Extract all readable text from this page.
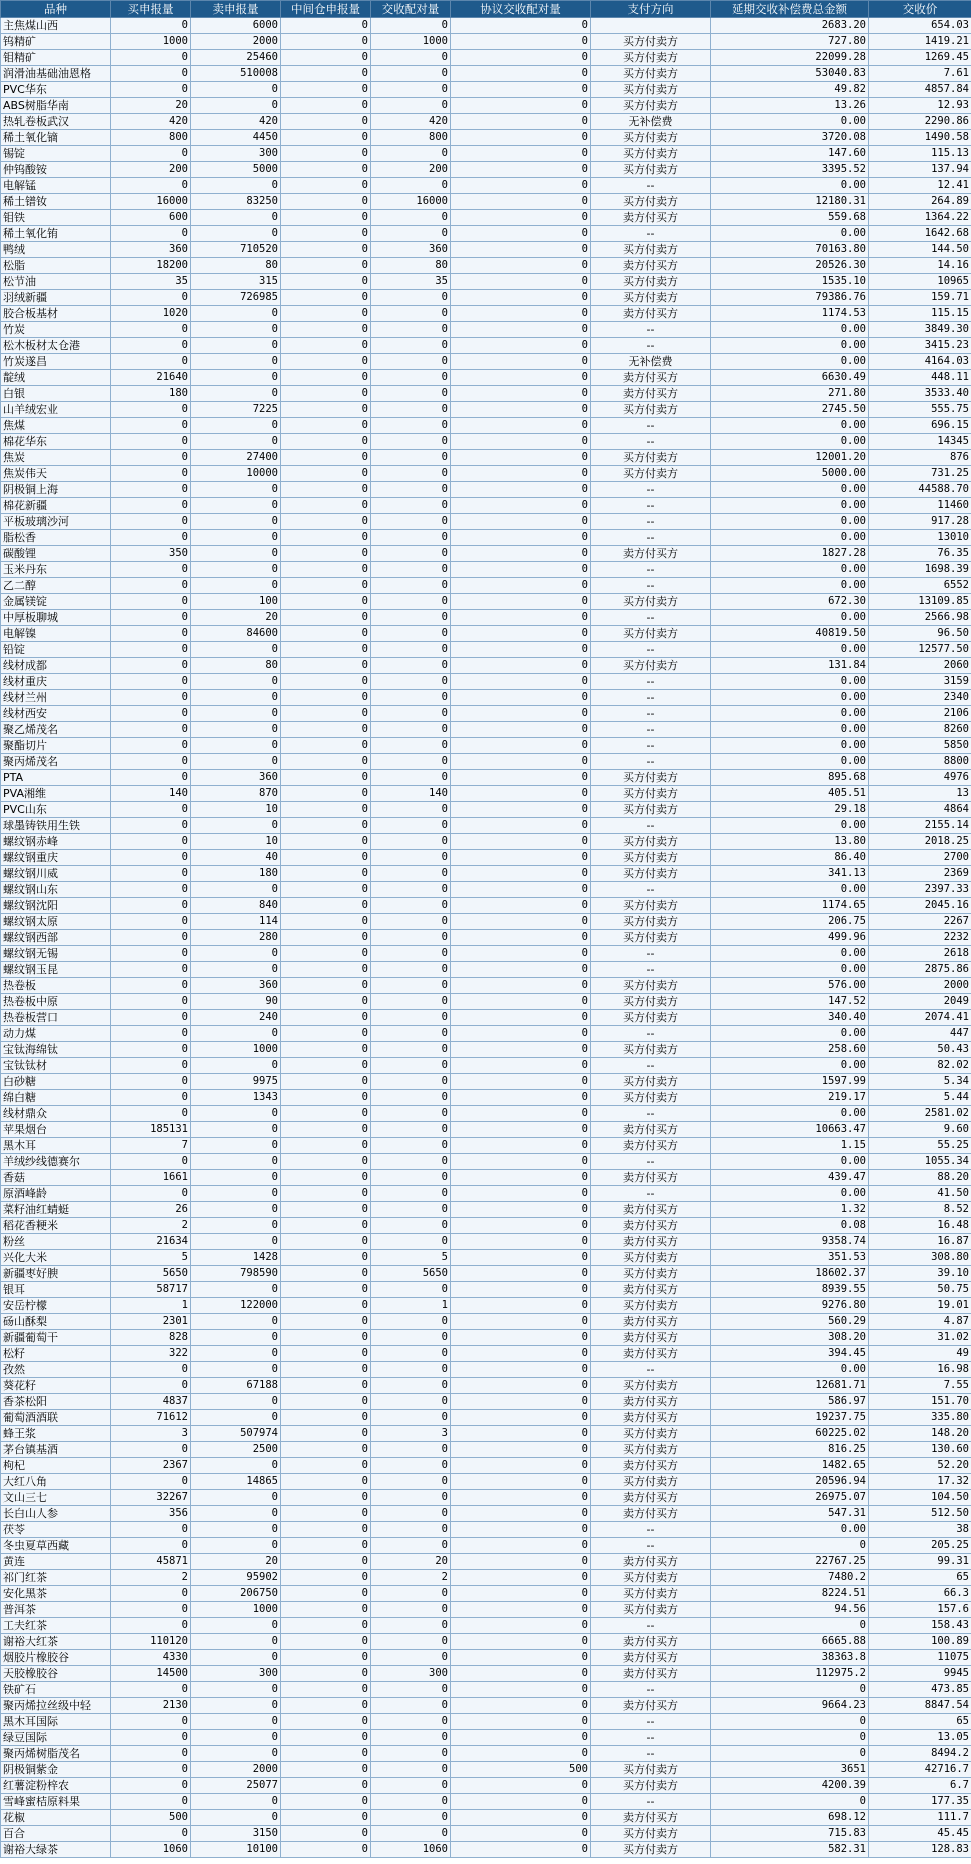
品种	买申报量	卖申报量	中间仓申报量	交收配对量	协议交收配对量	支付方向	延期交收补偿费总金额	交收价
主焦煤山西	0	6000	0	0	0		2683.20	654.03
钨精矿	1000	2000	0	1000	0	买方付卖方	727.80	1419.21
钼精矿	0	25460	0	0	0	买方付卖方	22099.28	1269.45
润滑油基础油恩格	0	510008	0	0	0	买方付卖方	53040.83	7.61
PVC华东	0	0	0	0	0	买方付卖方	49.82	4857.84
ABS树脂华南	20	0	0	0	0	买方付卖方	13.26	12.93
热轧卷板武汉	420	420	0	420	0	无补偿费	0.00	2290.86
稀土氧化镝	800	4450	0	800	0	买方付卖方	3720.08	1490.58
锡锭	0	300	0	0	0	买方付卖方	147.60	115.13
仲钨酸铵	200	5000	0	200	0	买方付卖方	3395.52	137.94
电解锰	0	0	0	0	0	--	0.00	12.41
稀土镨钕	16000	83250	0	16000	0	买方付卖方	12180.31	264.89
钼铁	600	0	0	0	0	卖方付买方	559.68	1364.22
稀土氧化铕	0	0	0	0	0	--	0.00	1642.68
鸭绒	360	710520	0	360	0	买方付卖方	70163.80	144.50
松脂	18200	80	0	80	0	卖方付买方	20526.30	14.16
松节油	35	315	0	35	0	买方付卖方	1535.10	10965
羽绒新疆	0	726985	0	0	0	买方付卖方	79386.76	159.71
胶合板基材	1020	0	0	0	0	卖方付买方	1174.53	115.15
竹炭	0	0	0	0	0	--	0.00	3849.30
松木板材太仓港	0	0	0	0	0	--	0.00	3415.23
竹炭遂昌	0	0	0	0	0	无补偿费	0.00	4164.03
靛绒	21640	0	0	0	0	卖方付买方	6630.49	448.11
白银	180	0	0	0	0	卖方付买方	271.80	3533.40
山羊绒宏业	0	7225	0	0	0	买方付卖方	2745.50	555.75
焦煤	0	0	0	0	0	--	0.00	696.15
棉花华东	0	0	0	0	0	--	0.00	14345
焦炭	0	27400	0	0	0	买方付卖方	12001.20	876
焦炭伟天	0	10000	0	0	0	买方付卖方	5000.00	731.25
阴极铜上海	0	0	0	0	0	--	0.00	44588.70
棉花新疆	0	0	0	0	0	--	0.00	11460
平板玻璃沙河	0	0	0	0	0	--	0.00	917.28
脂松香	0	0	0	0	0	--	0.00	13010
碳酸锂	350	0	0	0	0	卖方付买方	1827.28	76.35
玉米丹东	0	0	0	0	0	--	0.00	1698.39
乙二醇	0	0	0	0	0	--	0.00	6552
金属镁锭	0	100	0	0	0	买方付卖方	672.30	13109.85
中厚板聊城	0	20	0	0	0	--	0.00	2566.98
电解镍	0	84600	0	0	0	买方付卖方	40819.50	96.50
铅锭	0	0	0	0	0	--	0.00	12577.50
线材成都	0	80	0	0	0	买方付卖方	131.84	2060
线材重庆	0	0	0	0	0	--	0.00	3159
线材兰州	0	0	0	0	0	--	0.00	2340
线材西安	0	0	0	0	0	--	0.00	2106
聚乙烯茂名	0	0	0	0	0	--	0.00	8260
聚酯切片	0	0	0	0	0	--	0.00	5850
聚丙烯茂名	0	0	0	0	0	--	0.00	8800
PTA	0	360	0	0	0	买方付卖方	895.68	4976
PVA湘维	140	870	0	140	0	买方付卖方	405.51	13
PVC山东	0	10	0	0	0	买方付卖方	29.18	4864
球墨铸铁用生铁	0	0	0	0	0	--	0.00	2155.14
螺纹钢赤峰	0	10	0	0	0	买方付卖方	13.80	2018.25
螺纹钢重庆	0	40	0	0	0	买方付卖方	86.40	2700
螺纹钢川威	0	180	0	0	0	买方付卖方	341.13	2369
螺纹钢山东	0	0	0	0	0	--	0.00	2397.33
螺纹钢沈阳	0	840	0	0	0	买方付卖方	1174.65	2045.16
螺纹钢太原	0	114	0	0	0	买方付卖方	206.75	2267
螺纹钢西部	0	280	0	0	0	买方付卖方	499.96	2232
螺纹钢无锡	0	0	0	0	0	--	0.00	2618
螺纹钢玉昆	0	0	0	0	0	--	0.00	2875.86
热卷板	0	360	0	0	0	买方付卖方	576.00	2000
热卷板中原	0	90	0	0	0	买方付卖方	147.52	2049
热卷板营口	0	240	0	0	0	买方付卖方	340.40	2074.41
动力煤	0	0	0	0	0	--	0.00	447
宝钛海绵钛	0	1000	0	0	0	买方付卖方	258.60	50.43
宝钛钛材	0	0	0	0	0	--	0.00	82.02
白砂糖	0	9975	0	0	0	买方付卖方	1597.99	5.34
绵白糖	0	1343	0	0	0	买方付卖方	219.17	5.44
线材鼎众	0	0	0	0	0	--	0.00	2581.02
苹果烟台	185131	0	0	0	0	卖方付买方	10663.47	9.60
黑木耳	7	0	0	0	0	卖方付买方	1.15	55.25
羊绒纱线德赛尔	0	0	0	0	0	--	0.00	1055.34
香菇	1661	0	0	0	0	卖方付买方	439.47	88.20
原酒峰龄	0	0	0	0	0	--	0.00	41.50
菜籽油红蜻蜓	26	0	0	0	0	卖方付买方	1.32	8.52
稻花香粳米	2	0	0	0	0	卖方付买方	0.08	16.48
粉丝	21634	0	0	0	0	卖方付买方	9358.74	16.87
兴化大米	5	1428	0	5	0	买方付卖方	351.53	308.80
新疆枣好腴	5650	798590	0	5650	0	买方付卖方	18602.37	39.10
银耳	58717	0	0	0	0	卖方付买方	8939.55	50.75
安岳柠檬	1	122000	0	1	0	买方付卖方	9276.80	19.01
砀山酥梨	2301	0	0	0	0	卖方付买方	560.29	4.87
新疆葡萄干	828	0	0	0	0	卖方付买方	308.20	31.02
松籽	322	0	0	0	0	卖方付买方	394.45	49
孜然	0	0	0	0	0	--	0.00	16.98
葵花籽	0	67188	0	0	0	买方付卖方	12681.71	7.55
香茶松阳	4837	0	0	0	0	卖方付买方	586.97	151.70
葡萄酒酒联	71612	0	0	0	0	卖方付买方	19237.75	335.80
蜂王浆	3	507974	0	3	0	买方付卖方	60225.02	148.20
茅台镇基酒	0	2500	0	0	0	买方付卖方	816.25	130.60
枸杞	2367	0	0	0	0	卖方付买方	1482.65	52.20
大红八角	0	14865	0	0	0	买方付卖方	20596.94	17.32
文山三七	32267	0	0	0	0	卖方付买方	26975.07	104.50
长白山人参	356	0	0	0	0	卖方付买方	547.31	512.50
茯苓	0	0	0	0	0	--	0.00	38
冬虫夏草西藏	0	0	0	0	0	--	0	205.25
黄连	45871	20	0	20	0	卖方付买方	22767.25	99.31
祁门红茶	2	95902	0	2	0	买方付卖方	7480.2	65
安化黑茶	0	206750	0	0	0	买方付卖方	8224.51	66.3
普洱茶	0	1000	0	0	0	买方付卖方	94.56	157.6
工夫红茶	0	0	0	0	0	--	0	158.43
谢裕大红茶	110120	0	0	0	0	卖方付买方	6665.88	100.89
烟胶片橡胶谷	4330	0	0	0	0	卖方付买方	38363.8	11075
天胶橡胶谷	14500	300	0	300	0	卖方付买方	112975.2	9945
铁矿石	0	0	0	0	0	--	0	473.85
聚丙烯拉丝级中轻	2130	0	0	0	0	卖方付买方	9664.23	8847.54
黑木耳国际	0	0	0	0	0	--	0	65
绿豆国际	0	0	0	0	0	--	0	13.05
聚丙烯树脂茂名	0	0	0	0	0	--	0	8494.2
阴极铜紫金	0	2000	0	0	500	买方付卖方	3651	42716.7
红薯淀粉梓农	0	25077	0	0	0	买方付卖方	4200.39	6.7
雪峰蜜桔原料果	0	0	0	0	0	--	0	177.35
花椒	500	0	0	0	0	卖方付买方	698.12	111.7
百合	0	3150	0	0	0	买方付卖方	715.83	45.45
谢裕大绿茶	1060	10100	0	1060	0	买方付卖方	582.31	128.83
